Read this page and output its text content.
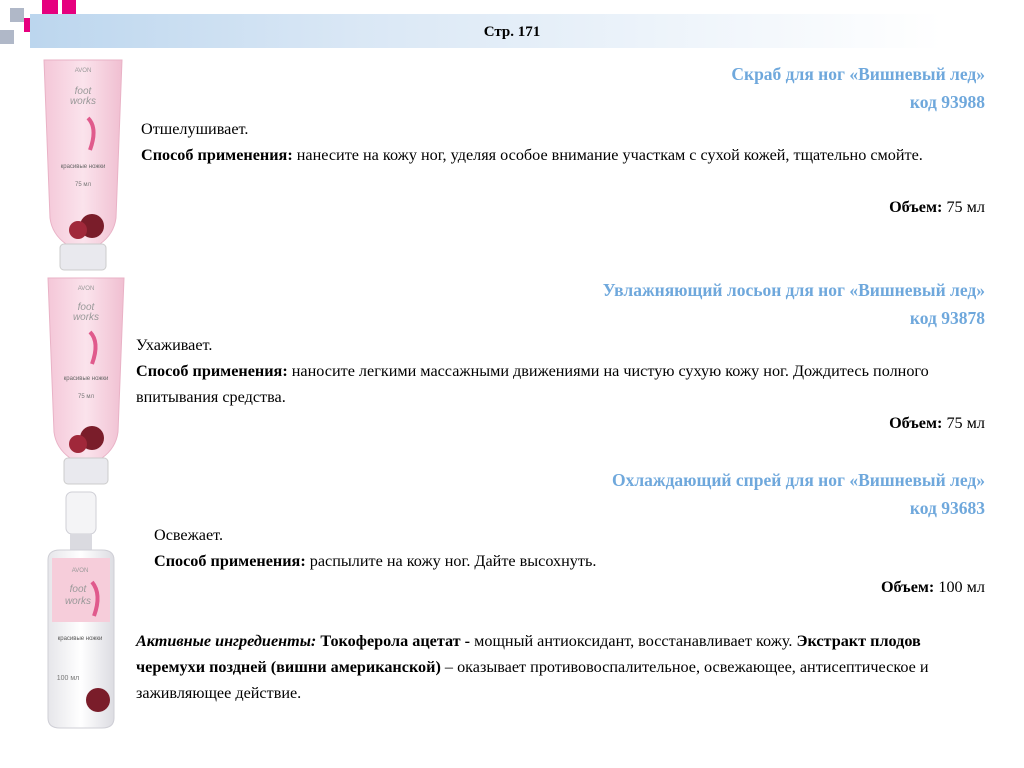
Стр. 171
AVON
foot
works
красивые ножки
75 мл
Скраб для ног «Вишневый лед»
код 93988

Отшелушивает.

Способ применения: нанесите на кожу ног, уделяя особое внимание участкам с сухой кожей, тщательно смойте.

Объем: 75 мл
AVON
foot
works
красивые ножки
75 мл
Увлажняющий лосьон для ног «Вишневый лед»
код 93878

Ухаживает.

Способ применения: наносите легкими массажными движениями на чистую сухую кожу ног. Дождитесь полного впитывания средства.

Объем: 75 мл
AVON
foot
works
красивые ножки
100 мл
Охлаждающий спрей для ног «Вишневый лед»
код 93683

Освежает.

Способ применения: распылите на кожу ног. Дайте высохнуть.

Объем: 100 мл

Активные ингредиенты: Токоферола ацетат - мощный антиоксидант, восстанавливает кожу. Экстракт плодов черемухи поздней (вишни американской) – оказывает противовоспалительное, освежающее, антисептическое и заживляющее действие.
